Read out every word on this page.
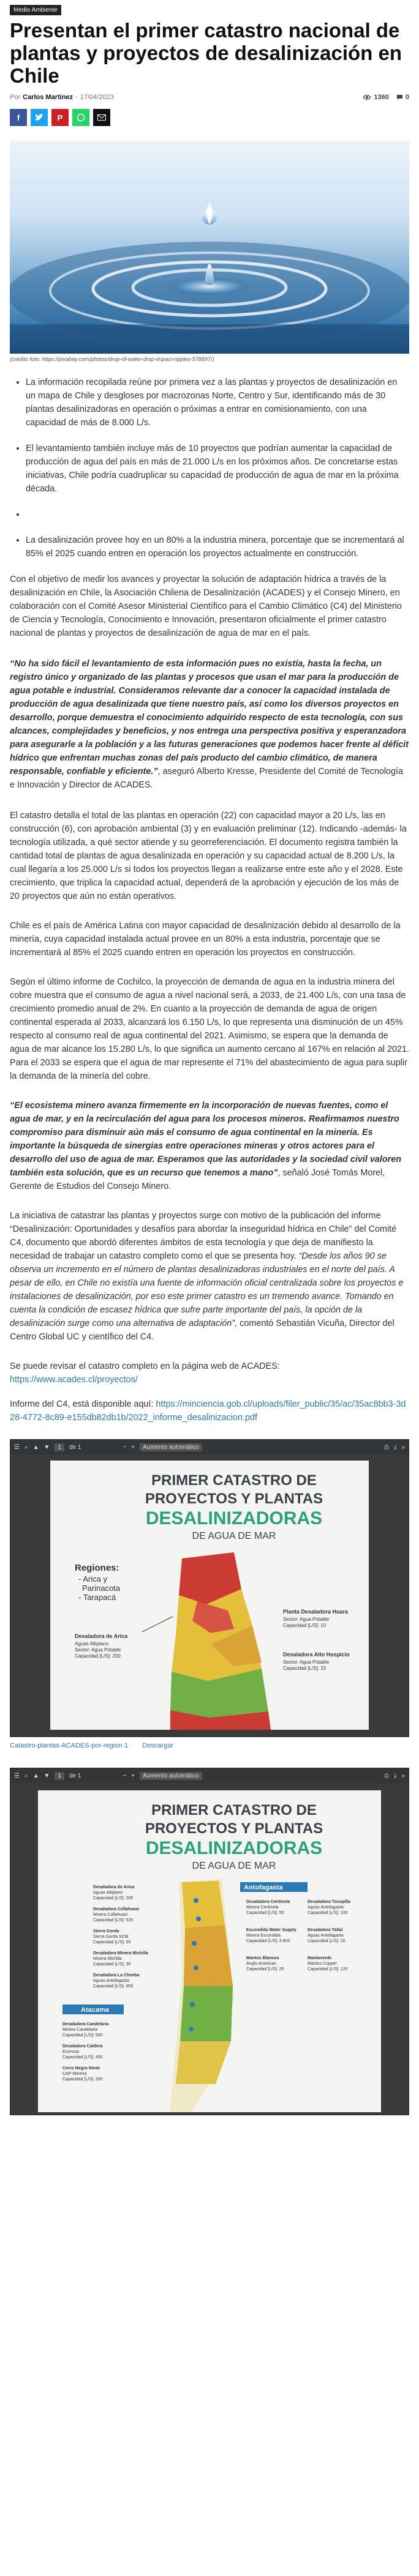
Medio Ambiente
Presentan el primer catastro nacional de plantas y proyectos de desalinización en Chile
Por Carlos Martínez - 17/04/2023	1360 0
f	P
(crédito foto: https://pixabay.com/photos/drop-of-water-drop-impact-ripples-578897/)
• La información recopilada reúne por primera vez a las plantas y proyectos de desalinización en un mapa de Chile y desgloses por macrozonas Norte, Centro y Sur, identificando más de 30 plantas desalinizadoras en operación o próximas a entrar en comisionamiento, con una capacidad de más de 8.000 L/s.
• El levantamiento también incluye más de 10 proyectos que podrían aumentar la capacidad de producción de agua del país en más de 21.000 L/s en los próximos años. De concretarse estas iniciativas, Chile podría cuadruplicar su capacidad de producción de agua de mar en la próxima década.
•
• La desalinización provee hoy en un 80% a la industria minera, porcentaje que se incrementará al 85% el 2025 cuando entren en operación los proyectos actualmente en construcción.

Con el objetivo de medir los avances y proyectar la solución de adaptación hídrica a través de la desalinización en Chile, la Asociación Chilena de Desalinización (ACADES) y el Consejo Minero, en colaboración con el Comité Asesor Ministerial Científico para el Cambio Climático (C4) del Ministerio de Ciencia y Tecnología, Conocimiento e Innovación, presentaron oficialmente el primer catastro nacional de plantas y proyectos de desalinización de agua de mar en el país.

“No ha sido fácil el levantamiento de esta información pues no existía, hasta la fecha, un registro único y organizado de las plantas y procesos que usan el mar para la producción de agua potable e industrial. Consideramos relevante dar a conocer la capacidad instalada de producción de agua desalinizada que tiene nuestro país, así como los diversos proyectos en desarrollo, porque demuestra el conocimiento adquirido respecto de esta tecnología, con sus alcances, complejidades y beneficios, y nos entrega una perspectiva positiva y esperanzadora para asegurarle a la población y a las futuras generaciones que podemos hacer frente al déficit hídrico que enfrentan muchas zonas del país producto del cambio climático, de manera responsable, confiable y eficiente.”, aseguró Alberto Kresse, Presidente del Comité de Tecnología e Innovación y Director de ACADES.

El catastro detalla el total de las plantas en operación (22) con capacidad mayor a 20 L/s, las en construcción (6), con aprobación ambiental (3) y en evaluación preliminar (12). Indicando -además- la tecnología utilizada, a qué sector atiende y su georreferenciación. El documento registra también la cantidad total de plantas de agua desalinizada en operación y su capacidad actual de 8.200 L/s, la cual llegaría a los 25.000 L/s si todos los proyectos llegan a realizarse entre este año y el 2028. Este crecimiento, que triplica la capacidad actual, dependerá de la aprobación y ejecución de los más de 20 proyectos que aún no están operativos.

Chile es el país de América Latina con mayor capacidad de desalinización debido al desarrollo de la minería, cuya capacidad instalada actual provee en un 80% a esta industria, porcentaje que se incrementará al 85% el 2025 cuando entren en operación los proyectos en construcción.

Según el último informe de Cochilco, la proyección de demanda de agua en la industria minera del cobre muestra que el consumo de agua a nivel nacional será, a 2033, de 21.400 L/s, con una tasa de crecimiento promedio anual de 2%. En cuanto a la proyección de demanda de agua de origen continental esperada al 2033, alcanzará los 6.150 L/s, lo que representa una disminución de un 45% respecto al consumo real de agua continental del 2021. Asimismo, se espera que la demanda de agua de mar alcance los 15.280 L/s, lo que significa un aumento cercano al 167% en relación al 2021. Para el 2033 se espera que el agua de mar represente el 71% del abastecimiento de agua para suplir la demanda de la minería del cobre.

“El ecosistema minero avanza firmemente en la incorporación de nuevas fuentes, como el agua de mar, y en la recirculación del agua para los procesos mineros. Reafirmamos nuestro compromiso para disminuir aún más el consumo de agua continental en la minería. Es importante la búsqueda de sinergias entre operaciones mineras y otros actores para el desarrollo del uso de agua de mar. Esperamos que las autoridades y la sociedad civil valoren también esta solución, que es un recurso que tenemos a mano”, señaló José Tomás Morel, Gerente de Estudios del Consejo Minero.

La iniciativa de catastrar las plantas y proyectos surge con motivo de la publicación del informe “Desalinización: Oportunidades y desafíos para abordar la inseguridad hídrica en Chile” del Comité C4, documento que abordó diferentes ámbitos de esta tecnología y que deja de manifiesto la necesidad de trabajar un catastro completo como el que se presenta hoy. “Desde los años 90 se observa un incremento en el número de plantas desalinizadoras industriales en el norte del país. A pesar de ello, en Chile no existía una fuente de información oficial centralizada sobre los proyectos e instalaciones de desalinización, por eso este primer catastro es un tremendo avance. Tomando en cuenta la condición de escasez hídrica que sufre parte importante del país, la opción de la desalinización surge como una alternativa de adaptación”, comentó Sebastián Vicuña, Director del Centro Global UC y científico del C4.

Se puede revisar el catastro completo en la página web de ACADES: https://www.acades.cl/proyectos/

Informe del C4, está disponible aquí: https://minciencia.gob.cl/uploads/filer_public/35/ac/35ac8bb3-3d28-4772-8c89-e155db82db1b/2022_informe_desalinizacion.pdf

☰ ⌕ ▲ ▼	1	de 1	− +	Aumento automático	⎙ ⤓ »
PRIMER CATASTRO DE
PROYECTOS Y PLANTAS
DESALINIZADORAS
DE AGUA DE MAR
Regiones:
- Arica y
Parinacota
- Tarapacá
Desaladora de Arica
Aguas Altiplano
Sector: Agua Potable
Capacidad [L/S]: 200
Planta Desaladora Huara
Sector: Agua Potable
Capacidad [L/S]: 10
Desaladora Alto Hospicio
Sector: Agua Potable
Capacidad [L/S]: 15
Catastro-plantas-ACADES-por-region-1 Descargar
☰ ⌕ ▲ ▼	1	de 1	− +	Aumento automático	⎙ ⤓ »
PRIMER CATASTRO DE
PROYECTOS Y PLANTAS
DESALINIZADORAS
DE AGUA DE MAR
Antofagasta
Atacama
Desaladora de Arica
Aguas Altiplano
Capacidad [L/S]: 200
Desaladora Collahuasi
Minera Collahuasi
Capacidad [L/S]: 525
Sierra Gorda
Sierra Gorda SCM
Capacidad [L/S]: 65
Desaladora Minera Michilla
Minera Michilla
Capacidad [L/S]: 30
Desaladora La Chimba
Aguas Antofagasta
Capacidad [L/S]: 850
Desaladora Centinela
Minera Centinela
Capacidad [L/S]: 50
Desaladora Tocopilla
Aguas Antofagasta
Capacidad [L/S]: 100
Escondida Water Supply
Minera Escondida
Capacidad [L/S]: 3.800
Desaladora Taltal
Aguas Antofagasta
Capacidad [L/S]: 20
Mantos Blancos
Anglo American
Capacidad [L/S]: 25
Mantoverde
Mantos Copper
Capacidad [L/S]: 120
Desaladora Candelaria
Minera Candelaria
Capacidad [L/S]: 500
Desaladora Caldera
Econssa
Capacidad [L/S]: 450
Cerro Negro Norte
CAP Minería
Capacidad [L/S]: 200
